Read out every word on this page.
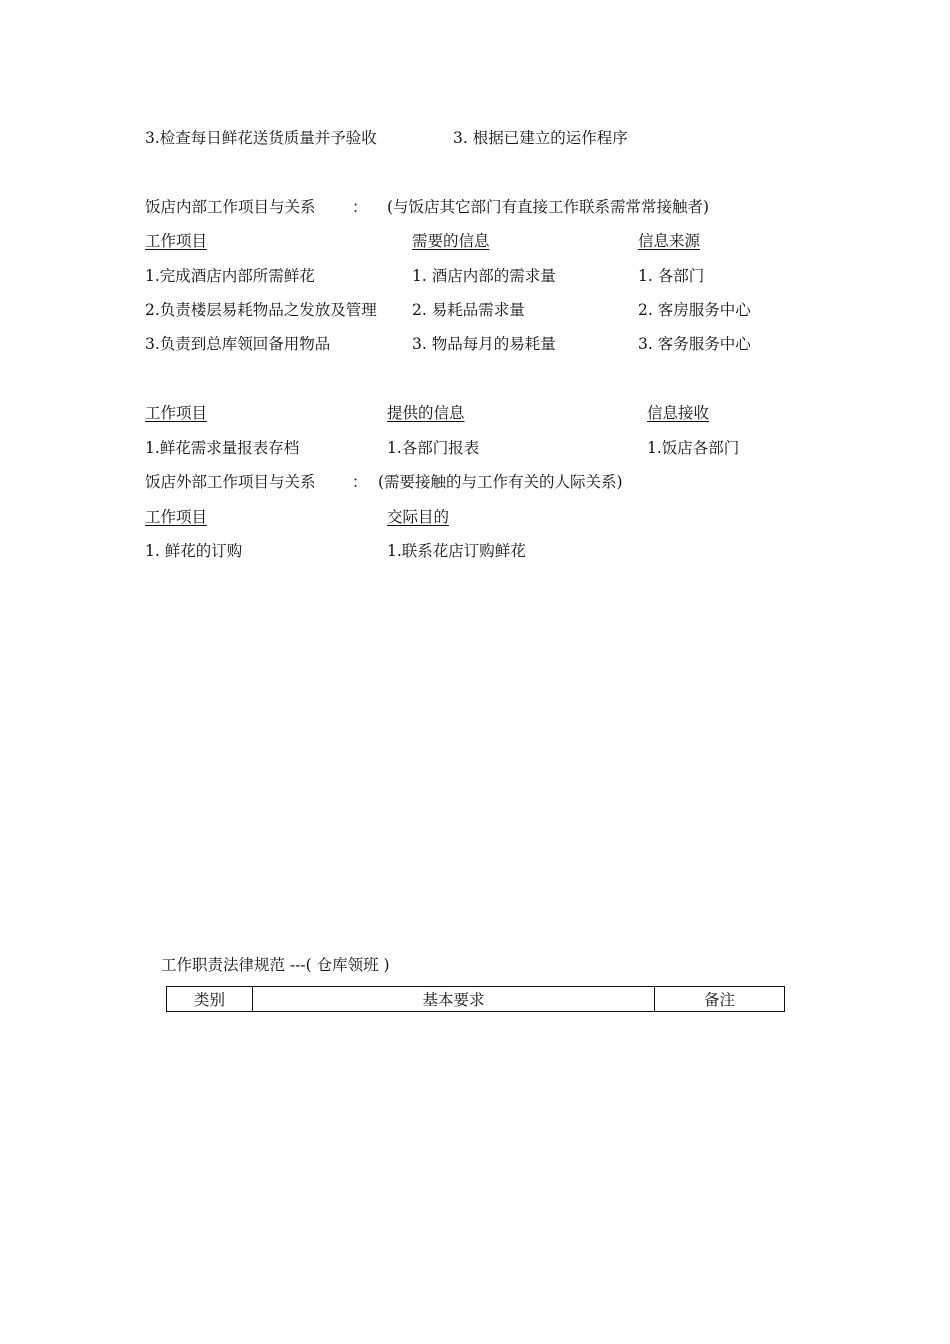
3.检查每日鲜花送货质量并予验收	3. 根据已建立的运作程序
饭店内部工作项目与关系 ： (与饭店其它部门有直接工作联系需常常接触者)
工作项目	需要的信息	信息来源
1.完成酒店内部所需鲜花	1. 酒店内部的需求量	1. 各部门
2.负责楼层易耗物品之发放及管理 2. 易耗品需求量	2. 客房服务中心
3.负责到总库领回备用物品	3. 物品每月的易耗量	3. 客务服务中心
工作项目	提供的信息	信息接收
1.鲜花需求量报表存档	1.各部门报表	1.饭店各部门
饭店外部工作项目与关系 ： (需要接触的与工作有关的人际关系)
工作项目	交际目的
1. 鲜花的订购	1.联系花店订购鲜花
工作职责法律规范 ---( 仓库领班 )
类别	基本要求	备注
